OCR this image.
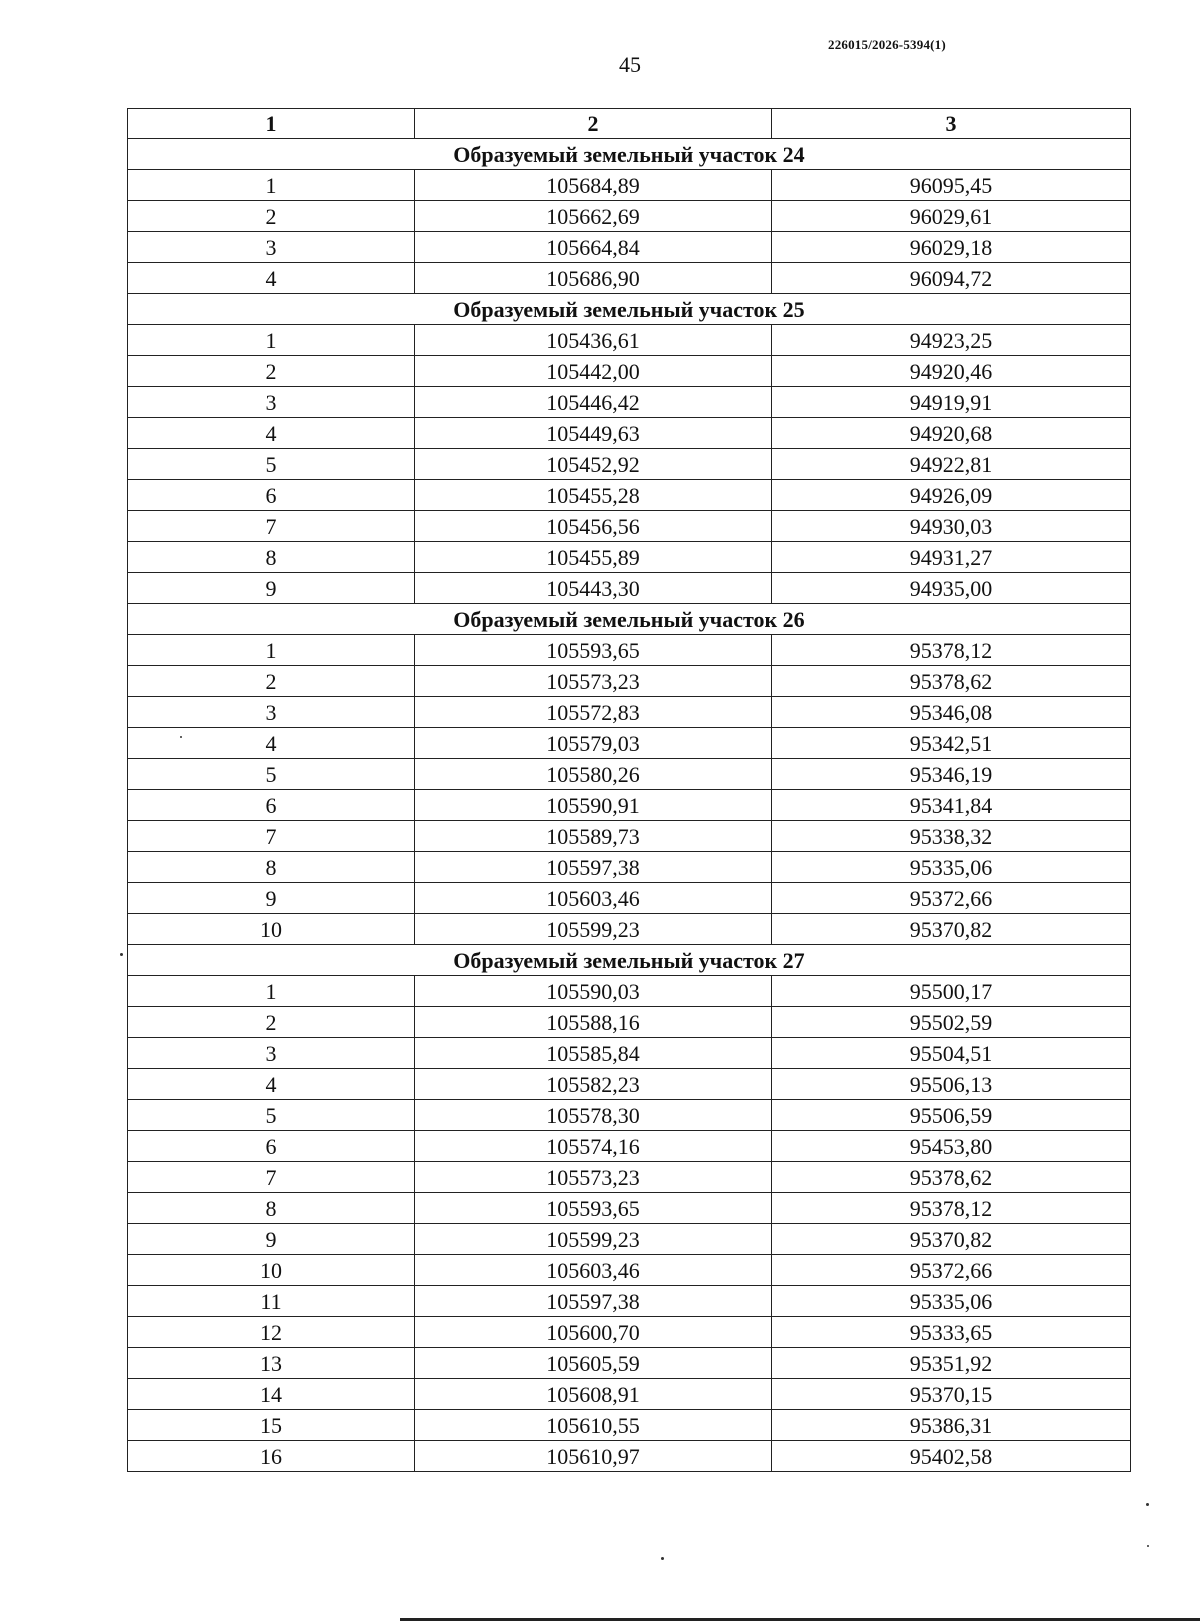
226015/2026-5394(1)
45
1	2	3
Образуемый земельный участок 24		
1	105684,89	96095,45
2	105662,69	96029,61
3	105664,84	96029,18
4	105686,90	96094,72
Образуемый земельный участок 25		
1	105436,61	94923,25
2	105442,00	94920,46
3	105446,42	94919,91
4	105449,63	94920,68
5	105452,92	94922,81
6	105455,28	94926,09
7	105456,56	94930,03
8	105455,89	94931,27
9	105443,30	94935,00
Образуемый земельный участок 26		
1	105593,65	95378,12
2	105573,23	95378,62
3	105572,83	95346,08
4	105579,03	95342,51
5	105580,26	95346,19
6	105590,91	95341,84
7	105589,73	95338,32
8	105597,38	95335,06
9	105603,46	95372,66
10	105599,23	95370,82
Образуемый земельный участок 27		
1	105590,03	95500,17
2	105588,16	95502,59
3	105585,84	95504,51
4	105582,23	95506,13
5	105578,30	95506,59
6	105574,16	95453,80
7	105573,23	95378,62
8	105593,65	95378,12
9	105599,23	95370,82
10	105603,46	95372,66
11	105597,38	95335,06
12	105600,70	95333,65
13	105605,59	95351,92
14	105608,91	95370,15
15	105610,55	95386,31
16	105610,97	95402,58
